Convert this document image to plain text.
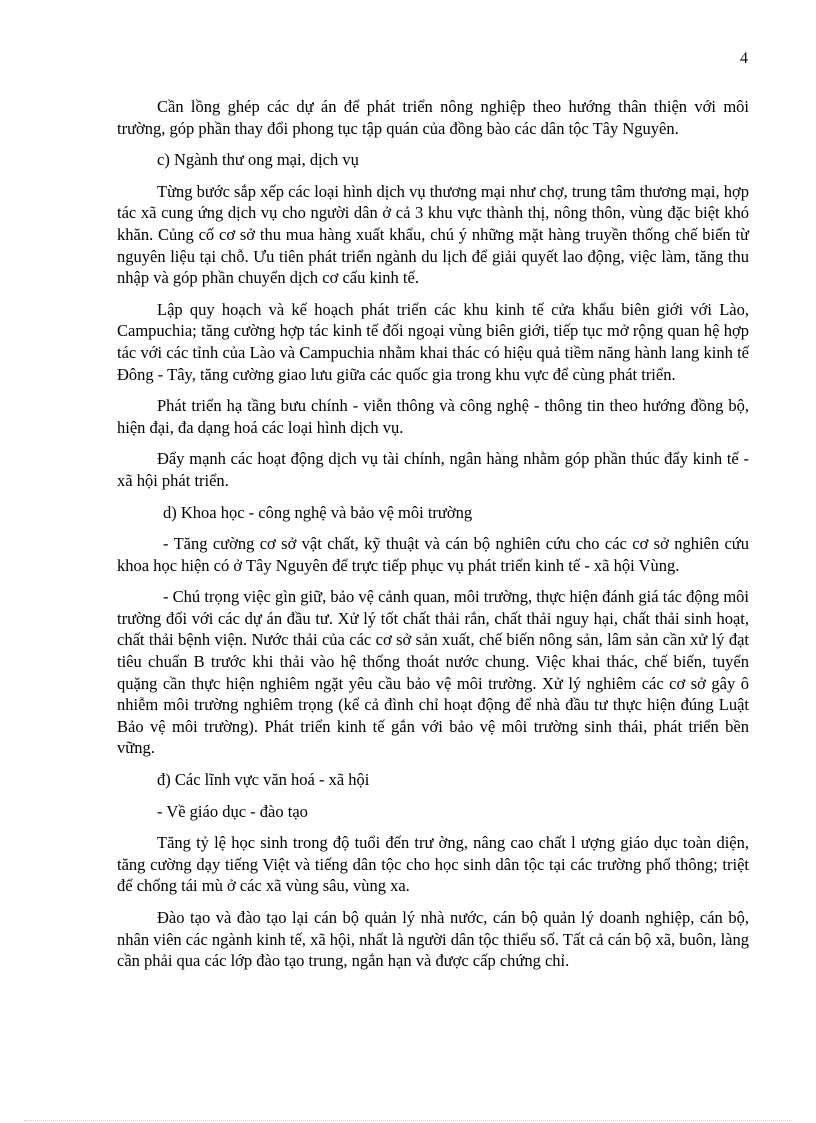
4

Cần lồng ghép các dự án để phát triển nông nghiệp theo hướng thân thiện với môi trường, góp phần thay đổi phong tục tập quán của đồng bào các dân tộc Tây Nguyên.

c) Ngành thư ong mại, dịch vụ

Từng bước sắp xếp các loại hình dịch vụ thương mại như chợ, trung tâm thương mại, hợp tác xã cung ứng dịch vụ cho người dân ở cả 3 khu vực thành thị, nông thôn, vùng đặc biệt khó khăn. Củng cố cơ sở thu mua hàng xuất khẩu, chú ý những mặt hàng truyền thống chế biến từ nguyên liệu tại chỗ. Ưu tiên phát triển ngành du lịch để giải quyết lao động, việc làm, tăng thu nhập và góp phần chuyển dịch cơ cấu kinh tế.

Lập quy hoạch và kế hoạch phát triển các khu kinh tế cửa khẩu biên giới với Lào, Campuchia; tăng cường hợp tác kinh tế đối ngoại vùng biên giới, tiếp tục mở rộng quan hệ hợp tác với các tỉnh của Lào và Campuchia nhằm khai thác có hiệu quả tiềm năng hành lang kinh tế Đông - Tây, tăng cường giao lưu giữa các quốc gia trong khu vực để cùng phát triển.

Phát triển hạ tầng bưu chính - viễn thông và công nghệ - thông tin theo hướng đồng bộ, hiện đại, đa dạng hoá các loại hình dịch vụ.

Đẩy mạnh các hoạt động dịch vụ tài chính, ngân hàng nhằm góp phần thúc đẩy kinh tế - xã hội phát triển.

d) Khoa học - công nghệ và bảo vệ môi trường

- Tăng cường cơ sở vật chất, kỹ thuật và cán bộ nghiên cứu cho các cơ sở nghiên cứu khoa học hiện có ở Tây Nguyên để trực tiếp phục vụ phát triển kinh tế - xã hội Vùng.

- Chú trọng việc gìn giữ, bảo vệ cảnh quan, môi trường, thực hiện đánh giá tác động môi trường đối với các dự án đầu tư. Xử lý tốt chất thải rắn, chất thải nguy hại, chất thải sinh hoạt, chất thải bệnh viện. Nước thải của các cơ sở sản xuất, chế biến nông sản, lâm sản cần xử lý đạt tiêu chuẩn B trước khi thải vào hệ thống thoát nước chung. Việc khai thác, chế biến, tuyển quặng cần thực hiện nghiêm ngặt yêu cầu bảo vệ môi trường. Xử lý nghiêm các cơ sở gây ô nhiễm môi trường nghiêm trọng (kể cả đình chỉ hoạt động để nhà đầu tư thực hiện đúng Luật Bảo vệ môi trường). Phát triển kinh tế gắn với bảo vệ môi trường sinh thái, phát triển bền vững.

đ) Các lĩnh vực văn hoá - xã hội

- Về giáo dục - đào tạo

Tăng tỷ lệ học sinh trong độ tuổi đến trư ờng, nâng cao chất l ượng giáo dục toàn diện, tăng cường dạy tiếng Việt và tiếng dân tộc cho học sinh dân tộc tại các trường phổ thông; triệt để chống tái mù ở các xã vùng sâu, vùng xa.

Đào tạo và đào tạo lại cán bộ quản lý nhà nước, cán bộ quản lý doanh nghiệp, cán bộ, nhân viên các ngành kinh tế, xã hội, nhất là người dân tộc thiểu số. Tất cả cán bộ xã, buôn, làng cần phải qua các lớp đào tạo trung, ngắn hạn và được cấp chứng chỉ.
